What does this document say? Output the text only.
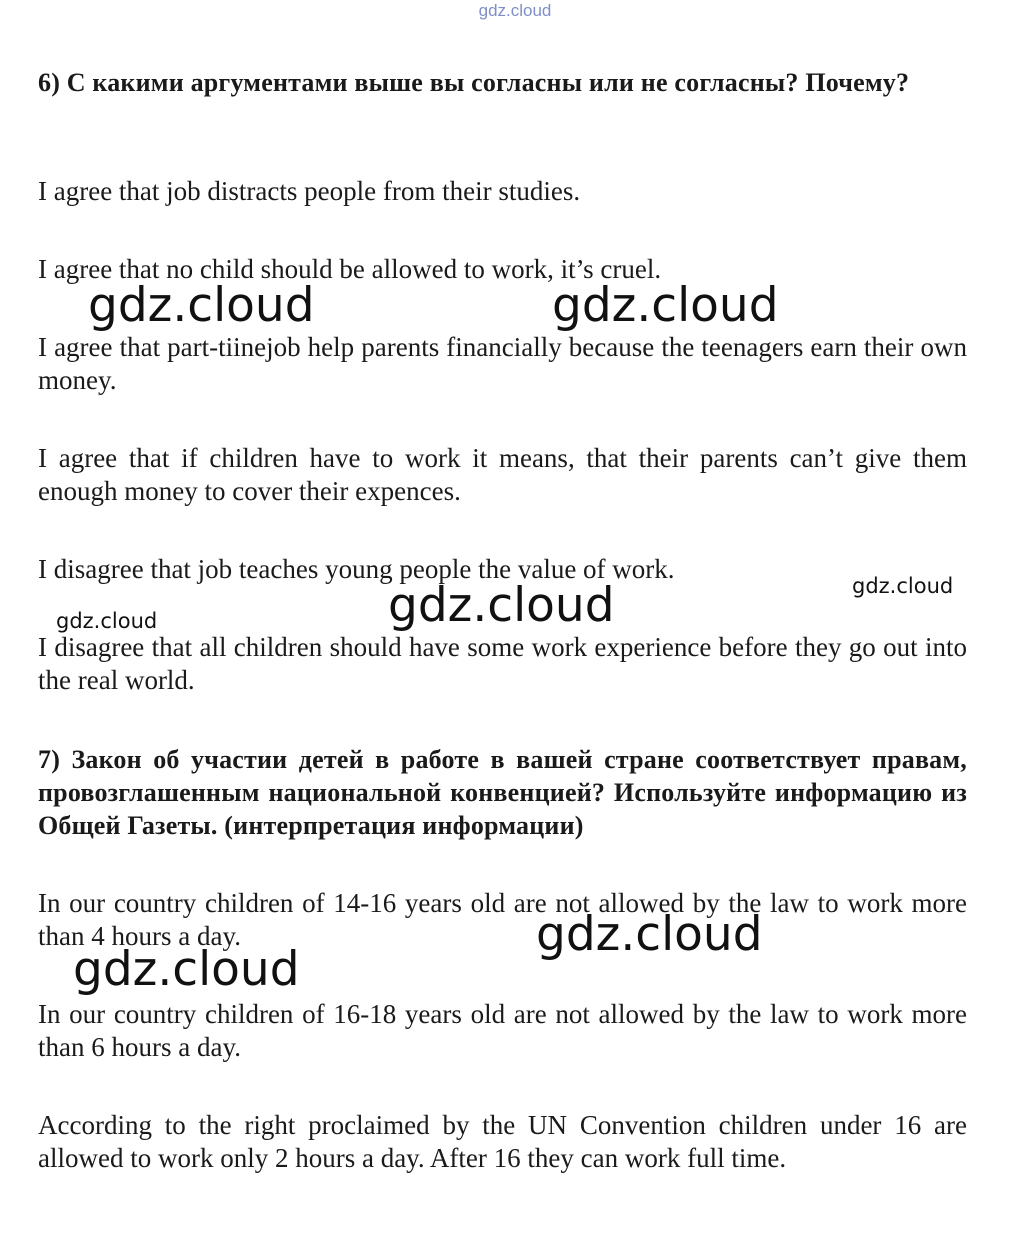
gdz.cloud

6) С какими аргументами выше вы согласны или не согласны? Почему?

I agree that job distracts people from their studies.

I agree that no child should be allowed to work, it’s cruel.

I agree that part-tiinejob help parents financially because the teenagers earn their own money.

I agree that if children have to work it means, that their parents can’t give them enough money to cover their expences.

I disagree that job teaches young people the value of work.

I disagree that all children should have some work experience before they go out into the real world.

7) Закон об участии детей в работе в вашей стране соответствует правам, провозглашенным национальной конвенцией? Используйте информацию из Общей Газеты. (интерпретация информации)

In our country children of 14-16 years old are not allowed by the law to work more than 4 hours a day.

In our country children of 16-18 years old are not allowed by the law to work more than 6 hours a day.

According to the right proclaimed by the UN Convention children under 16 are allowed to work only 2 hours a day. After 16 they can work full time.

gdz.cloud	gdz.cloud
gdz.cloud
gdz.cloud
gdz.cloud
gdz.cloud
gdz.cloud
